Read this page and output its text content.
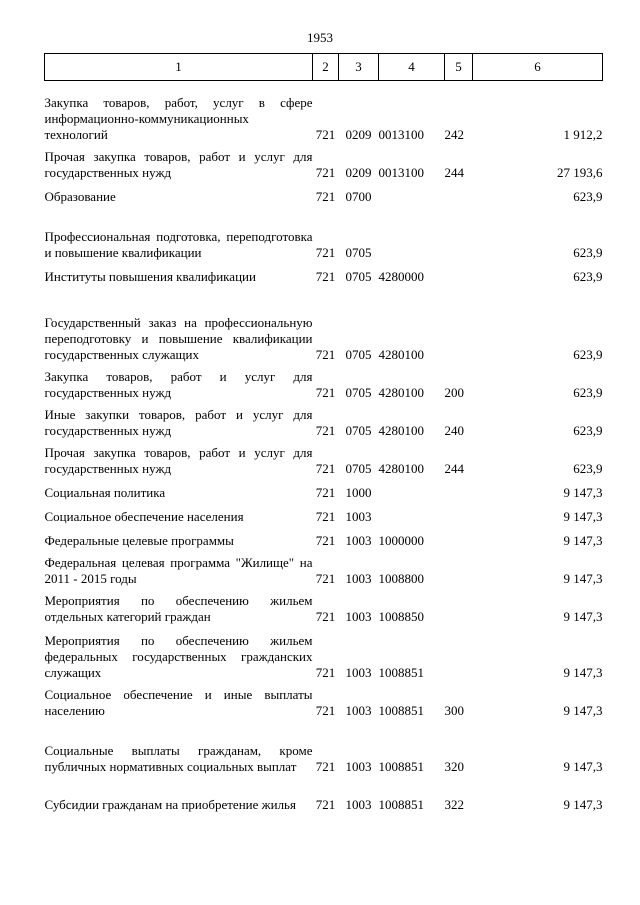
1953
1	2	3	4	5	6
Закупка товаров, работ, услуг в сфере информационно-коммуникационных технологий	721	0209	0013100	242	1 912,2
Прочая закупка товаров, работ и услуг для государственных нужд	721	0209	0013100	244	27 193,6
Образование	721	0700			623,9
Профессиональная подготовка, переподготовка и повышение квалификации	721	0705			623,9
Институты повышения квалификации	721	0705	4280000		623,9
Государственный заказ на профессиональную переподготовку и повышение квалификации государственных служащих	721	0705	4280100		623,9
Закупка товаров, работ и услуг для государственных нужд	721	0705	4280100	200	623,9
Иные закупки товаров, работ и услуг для государственных нужд	721	0705	4280100	240	623,9
Прочая закупка товаров, работ и услуг для государственных нужд	721	0705	4280100	244	623,9
Социальная политика	721	1000			9 147,3
Социальное обеспечение населения	721	1003			9 147,3
Федеральные целевые программы	721	1003	1000000		9 147,3
Федеральная целевая программа "Жилище" на 2011 - 2015 годы	721	1003	1008800		9 147,3
Мероприятия по обеспечению жильем отдельных категорий граждан	721	1003	1008850		9 147,3
Мероприятия по обеспечению жильем федеральных государственных гражданских служащих	721	1003	1008851		9 147,3
Социальное обеспечение и иные выплаты населению	721	1003	1008851	300	9 147,3
Социальные выплаты гражданам, кроме публичных нормативных социальных выплат	721	1003	1008851	320	9 147,3
Субсидии гражданам на приобретение жилья	721	1003	1008851	322	9 147,3
